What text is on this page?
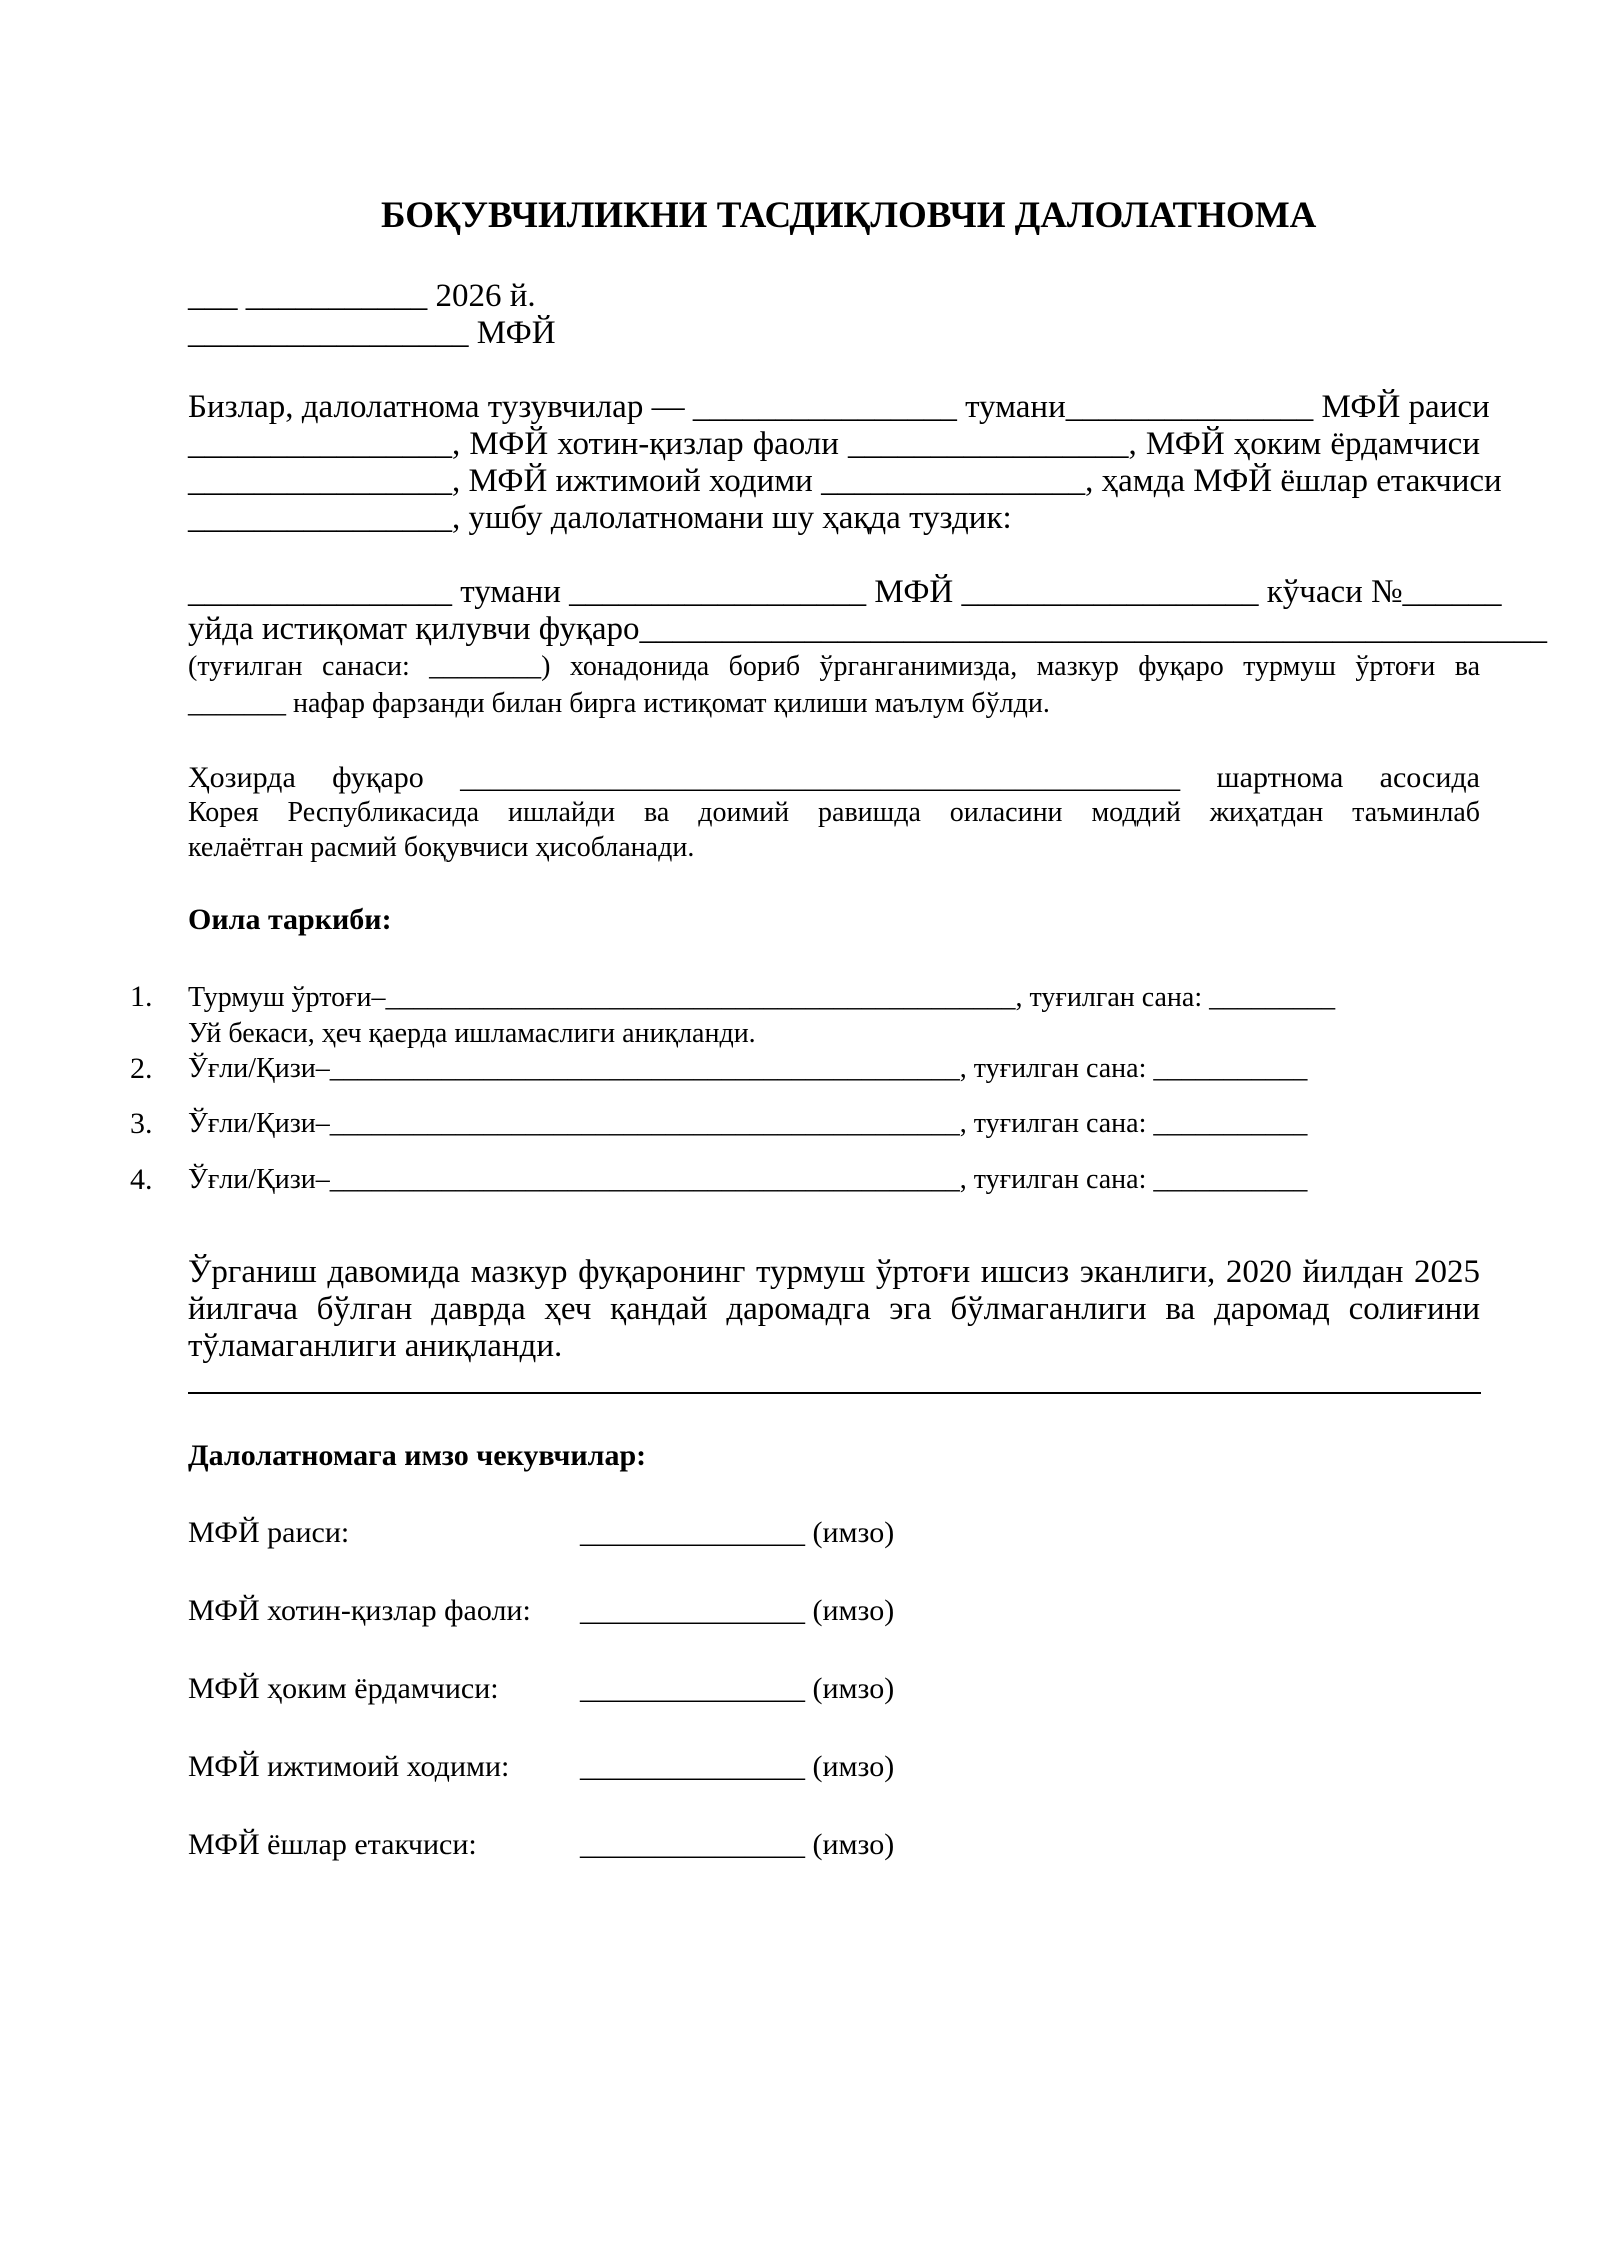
БОҚУВЧИЛИКНИ ТАСДИҚЛОВЧИ ДАЛОЛАТНОМА
___ ___________ 2026 й.
_________________ МФЙ
Бизлар, далолатнома тузувчилар — ________________ тумани_______________ МФЙ раиси
________________, МФЙ хотин-қизлар фаоли _________________, МФЙ ҳоким ёрдамчиси
________________, МФЙ ижтимоий ходими ________________, ҳамда МФЙ ёшлар етакчиси
________________, ушбу далолатномани шу ҳақда туздик:
________________ тумани __________________ МФЙ __________________ кўчаси №______
уйда истиқомат қилувчи фуқаро_______________________________________________________
(туғилган санаси: ________) хонадонида бориб ўрганганимизда, мазкур фуқаро турмуш ўртоғи ва
_______ нафар фарзанди билан бирга истиқомат қилиши маълум бўлди.
Ҳозирда фуқаро ________________________________________________ шартнома асосида
Корея Республикасида ишлайди ва доимий равишда оиласини моддий жиҳатдан таъминлаб
келаётган расмий боқувчиси ҳисобланади.
Оила таркиби:
1. Турмуш ўртоғи–_____________________________________________, туғилган сана: _________
Уй бекаси, ҳеч қаерда ишламаслиги аниқланди.
2. Ўғли/Қизи–_____________________________________________, туғилган сана: ___________
3. Ўғли/Қизи–_____________________________________________, туғилган сана: ___________
4. Ўғли/Қизи–_____________________________________________, туғилган сана: ___________
Ўрганиш давомида мазкур фуқаронинг турмуш ўртоғи ишсиз эканлиги, 2020 йилдан 2025
йилгача бўлган даврда ҳеч қандай даромадга эга бўлмаганлиги ва даромад солиғини
тўламаганлиги аниқланди.
Далолатномага имзо чекувчилар:
МФЙ раиси:	_______________ (имзо)
МФЙ хотин-қизлар фаоли: _______________ (имзо)
МФЙ ҳоким ёрдамчиси:	_______________ (имзо)
МФЙ ижтимоий ходими: _______________ (имзо)
МФЙ ёшлар етакчиси:	_______________ (имзо)
